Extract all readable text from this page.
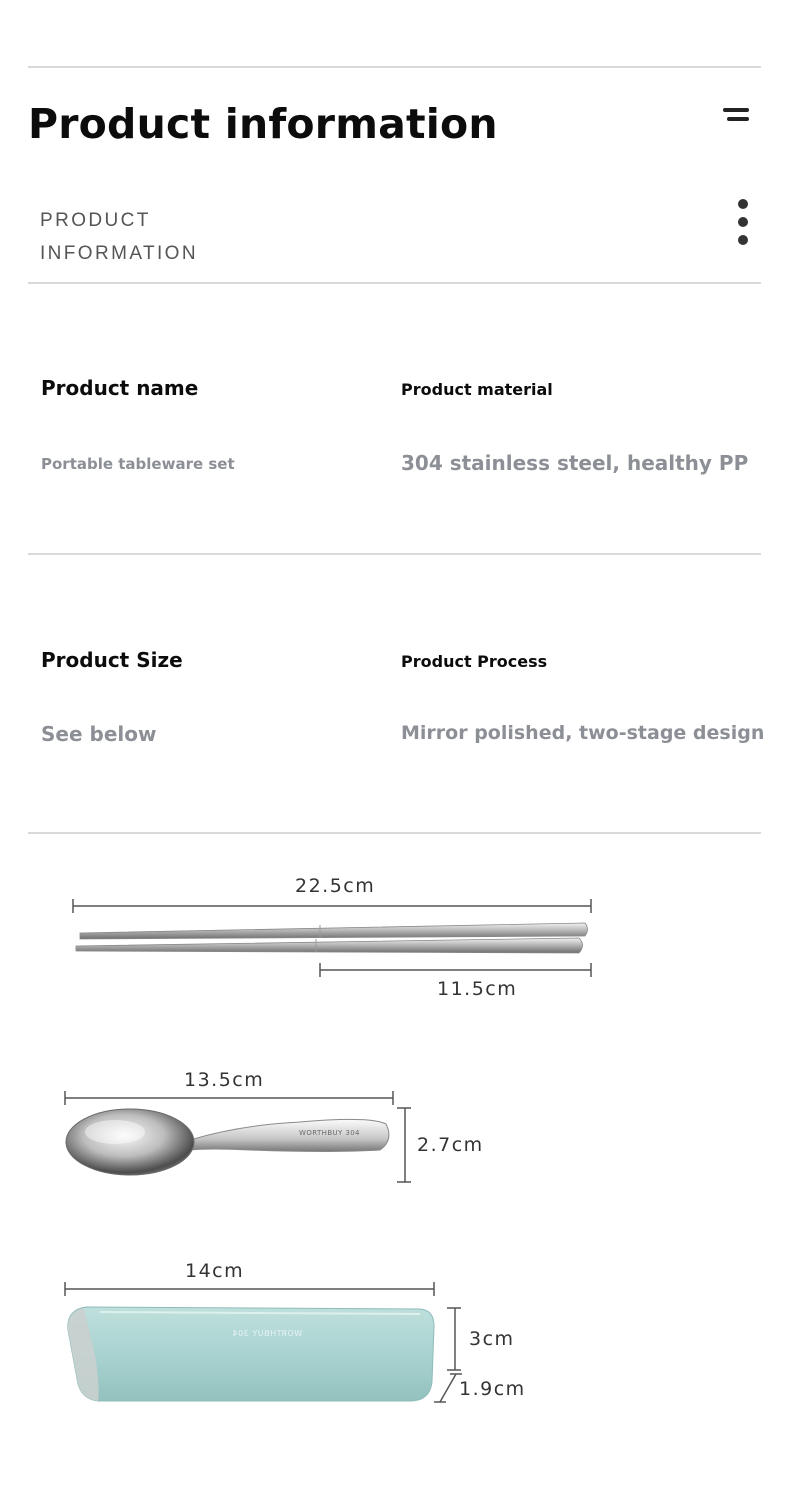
Product information
PRODUCT
INFORMATION
Product name	Product material
Portable tableware set	304 stainless steel, healthy PP
Product Size	Product Process
See below	Mirror polished, two-stage design
WORTHBUY 304
WORTHBUY 304
22.5cm
11.5cm
13.5cm
2.7cm
14cm
3cm
1.9cm
